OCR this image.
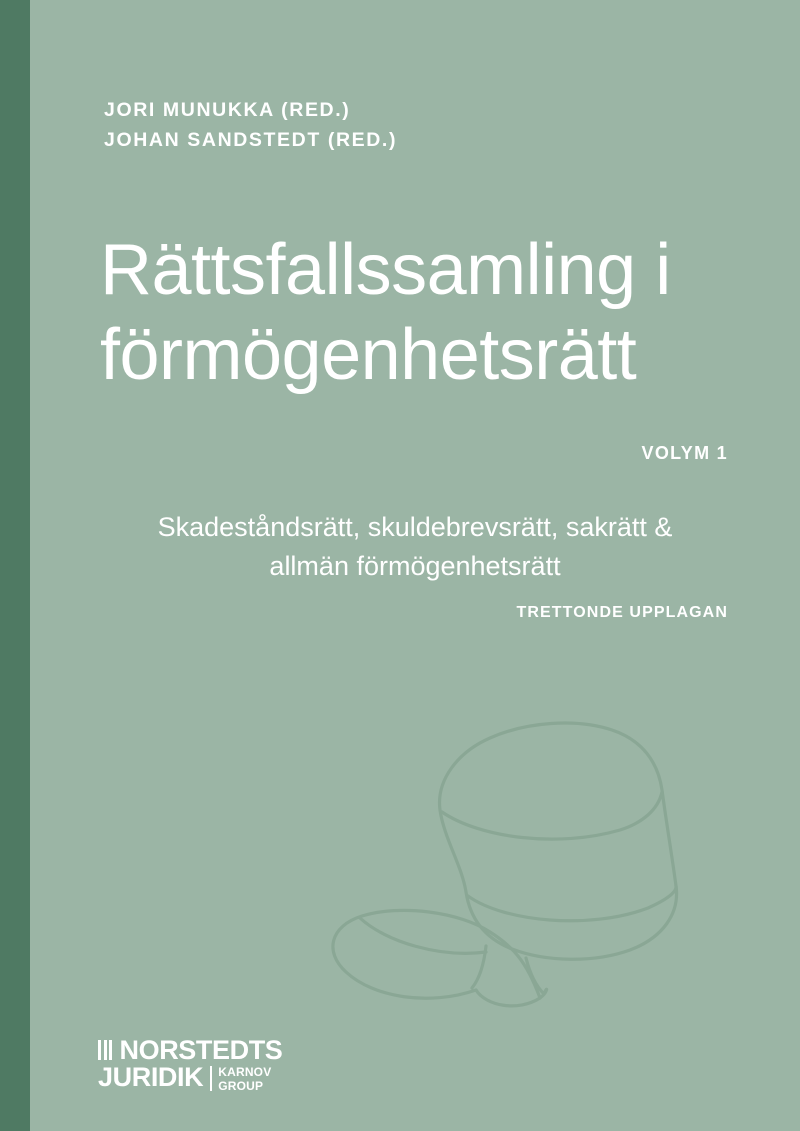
JORI MUNUKKA (RED.)
JOHAN SANDSTEDT (RED.)
Rättsfallssamling i
förmögenhetsrätt
VOLYM 1
Skadeståndsrätt, skuldebrevsrätt, sakrätt &
allmän förmögenhetsrätt
TRETTONDE UPPLAGAN
NORSTEDTS
JURIDIK KARNOV
GROUP
